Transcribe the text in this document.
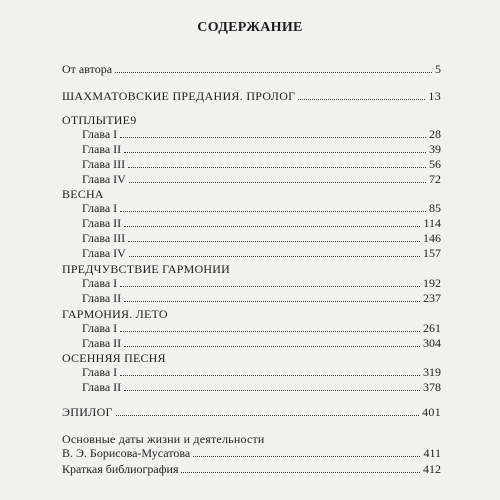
СОДЕРЖАНИЕ
От автора	5
ШАХМАТОВСКИЕ ПРЕДАНИЯ. ПРОЛОГ	13
ОТПЛЫТИЕ9
Глава I	28
Глава II	39
Глава III	56
Глава IV	72
ВЕСНА
Глава I	85
Глава II	114
Глава III	146
Глава IV	157
ПРЕДЧУВСТВИЕ ГАРМОНИИ
Глава I	192
Глава II	237
ГАРМОНИЯ. ЛЕТО
Глава I	261
Глава II	304
ОСЕННЯЯ ПЕСНЯ
Глава I	319
Глава II	378
ЭПИЛОГ	401
Основные даты жизни и деятельности
В. Э. Борисова-Мусатова	411
Краткая библиография	412
